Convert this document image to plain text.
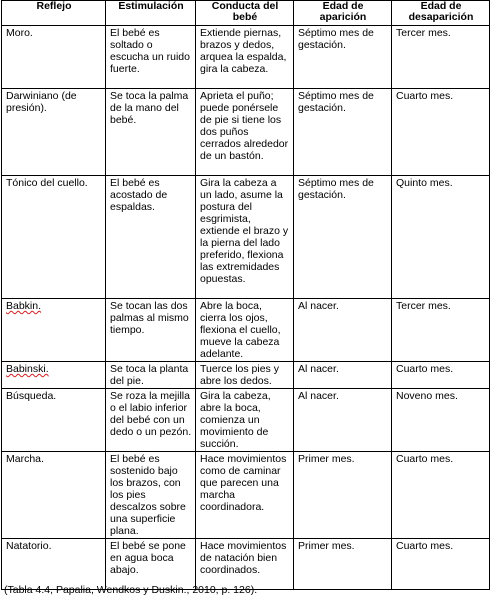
Reflejo	Estimulación	Conducta del bebé	Edad de aparición	Edad de desaparición
Moro.	El bebé es soltado o escucha un ruido fuerte.	Extiende piernas, brazos y dedos, arquea la espalda, gira la cabeza.	Séptimo mes de gestación.	Tercer mes.
Darwiniano (de presión).	Se toca la palma de la mano del bebé.	Aprieta el puño; puede ponérsele de pie si tiene los dos puños cerrados alrededor de un bastón.	Séptimo mes de gestación.	Cuarto mes.
Tónico del cuello.	El bebé es acostado de espaldas.	Gira la cabeza a un lado, asume la postura del esgrimista, extiende el brazo y la pierna del lado preferido, flexiona las extremidades opuestas.	Séptimo mes de gestación.	Quinto mes.
Babkin.	Se tocan las dos palmas al mismo tiempo.	Abre la boca, cierra los ojos, flexiona el cuello, mueve la cabeza adelante.	Al nacer.	Tercer mes.
Babinski.	Se toca la planta del pie.	Tuerce los pies y abre los dedos.	Al nacer.	Cuarto mes.
Búsqueda.	Se roza la mejilla o el labio inferior del bebé con un dedo o un pezón.	Gira la cabeza, abre la boca, comienza un movimiento de succión.	Al nacer.	Noveno mes.
Marcha.	El bebé es sostenido bajo los brazos, con los pies descalzos sobre una superficie plana.	Hace movimientos como de caminar que parecen una marcha coordinadora.	Primer mes.	Cuarto mes.
Natatorio.	El bebé se pone en agua boca abajo.	Hace movimientos de natación bien coordinados.	Primer mes.	Cuarto mes.
(Tabla 4.4, Papalia, Wendkos y Duskin., 2010, p. 126).
